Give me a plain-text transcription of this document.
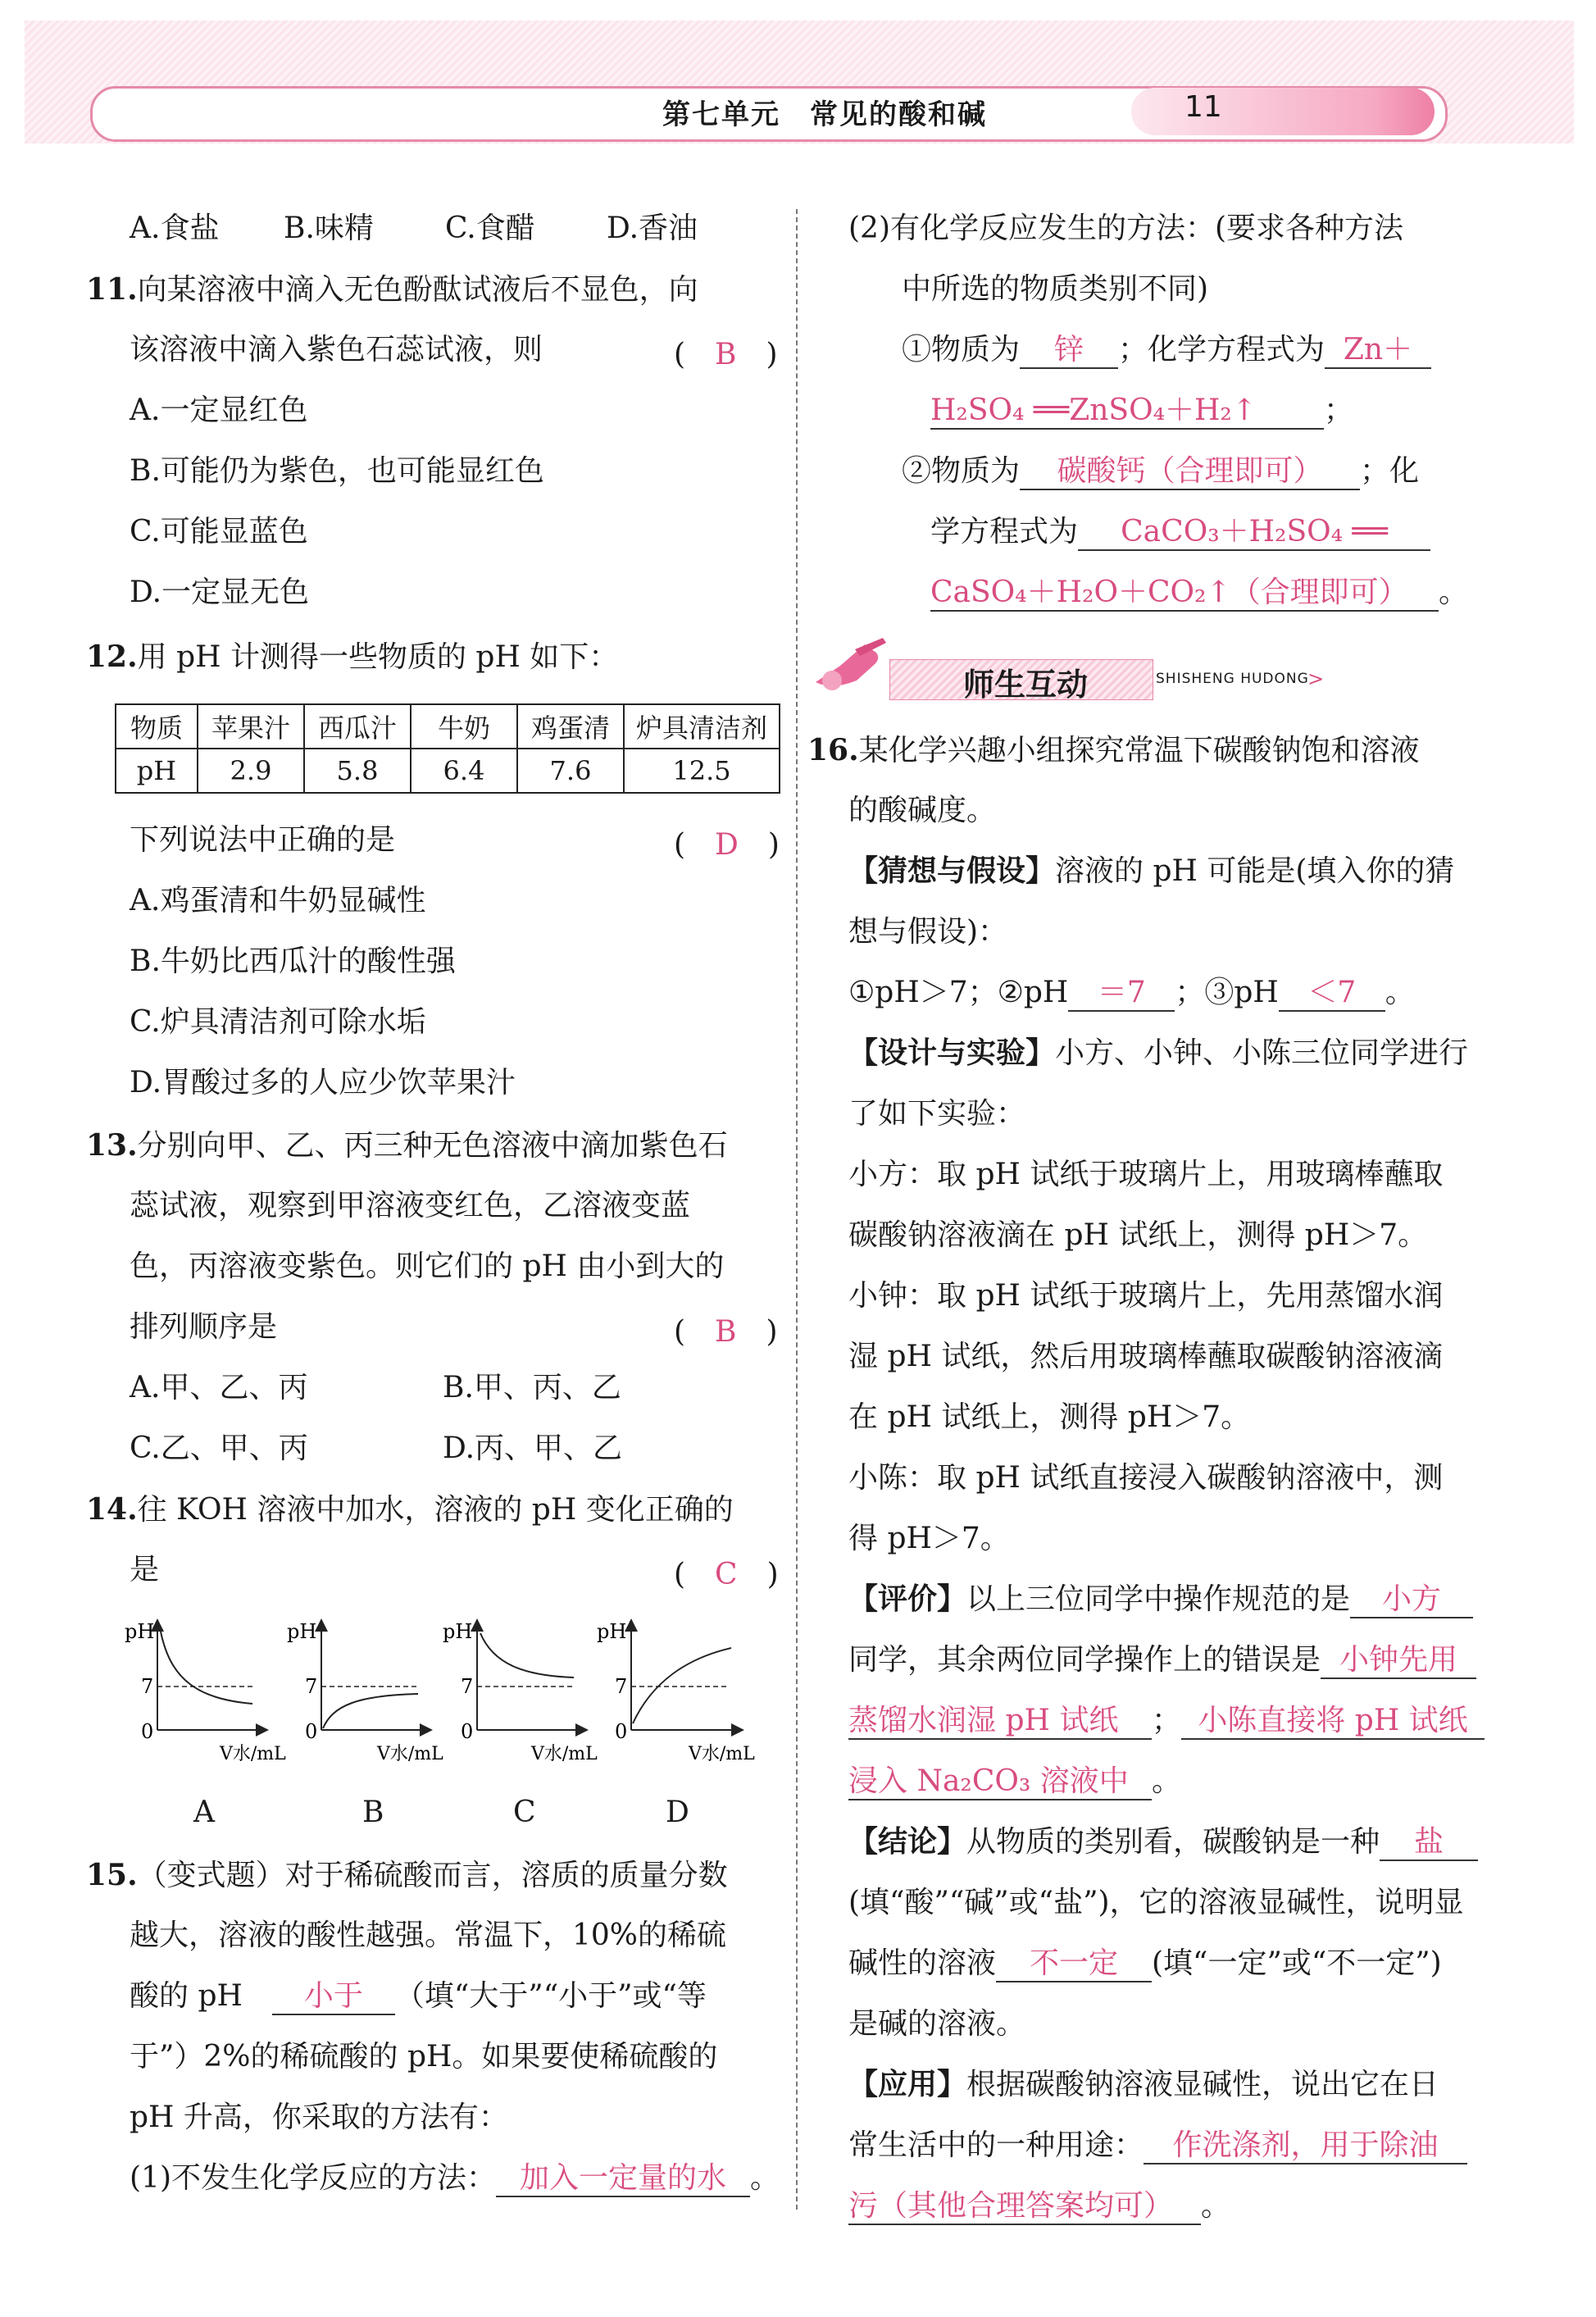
第七单元　常见的酸和碱	11
A.食盐 B.味精 C.食醋 D.香油
11.向某溶液中滴入无色酚酞试液后不显色，向
该溶液中滴入紫色石蕊试液，则	(　B　)
A.一定显红色
B.可能仍为紫色，也可能显红色
C.可能显蓝色
D.一定显无色
12.用 pH 计测得一些物质的 pH 如下：
物质	苹果汁	西瓜汁	牛奶	鸡蛋清	炉具清洁剂
pH	2.9	5.8	6.4	7.6	12.5
下列说法中正确的是	(　D　)
A.鸡蛋清和牛奶显碱性
B.牛奶比西瓜汁的酸性强
C.炉具清洁剂可除水垢
D.胃酸过多的人应少饮苹果汁
13.分别向甲、乙、丙三种无色溶液中滴加紫色石
蕊试液，观察到甲溶液变红色，乙溶液变蓝
色，丙溶液变紫色。则它们的 pH 由小到大的
排列顺序是	(　B　)
A.甲、乙、丙	B.甲、丙、乙
C.乙、甲、丙	D.丙、甲、乙
14.往 KOH 溶液中加水，溶液的 pH 变化正确的
是	(　C　)
pH
7
0
V水/mL
pH
7
0
V水/mL
pH
7
0
V水/mL
pH
7
0
V水/mL
A	B	C	D
15.（变式题）对于稀硫酸而言，溶质的质量分数
越大，溶液的酸性越强。常温下，10%的稀硫
酸的 pH　 小于 （填“大于”“小于”或“等
于”）2%的稀硫酸的 pH。如果要使稀硫酸的
pH 升高，你采取的方法有：
(1)不发生化学反应的方法： 加入一定量的水 。
(2)有化学反应发生的方法：(要求各种方法
中所选的物质类别不同)
①物质为 锌 ；化学方程式为 Zn＋
H₂SO₄ ══ZnSO₄＋H₂↑ ；
②物质为 碳酸钙（合理即可） ；化
学方程式为 CaCO₃＋H₂SO₄ ══
CaSO₄＋H₂O＋CO₂↑（合理即可） 。
师生互动	SHISHENG HUDONG
>
16.某化学兴趣小组探究常温下碳酸钠饱和溶液
的酸碱度。
【猜想与假设】溶液的 pH 可能是(填入你的猜
想与假设)：
①pH＞7；②pH ＝7 ；③pH ＜7 。
【设计与实验】小方、小钟、小陈三位同学进行
了如下实验：
小方：取 pH 试纸于玻璃片上，用玻璃棒蘸取
碳酸钠溶液滴在 pH 试纸上，测得 pH＞7。
小钟：取 pH 试纸于玻璃片上，先用蒸馏水润
湿 pH 试纸，然后用玻璃棒蘸取碳酸钠溶液滴
在 pH 试纸上，测得 pH＞7。
小陈：取 pH 试纸直接浸入碳酸钠溶液中，测
得 pH＞7。
【评价】以上三位同学中操作规范的是 小方
同学，其余两位同学操作上的错误是 小钟先用
蒸馏水润湿 pH 试纸 ； 小陈直接将 pH 试纸
浸入 Na₂CO₃ 溶液中 。
【结论】从物质的类别看，碳酸钠是一种 盐
(填“酸”“碱”或“盐”)，它的溶液显碱性，说明显
碱性的溶液 不一定 (填“一定”或“不一定”)
是碱的溶液。
【应用】根据碳酸钠溶液显碱性，说出它在日
常生活中的一种用途： 作洗涤剂，用于除油
污（其他合理答案均可） 。
